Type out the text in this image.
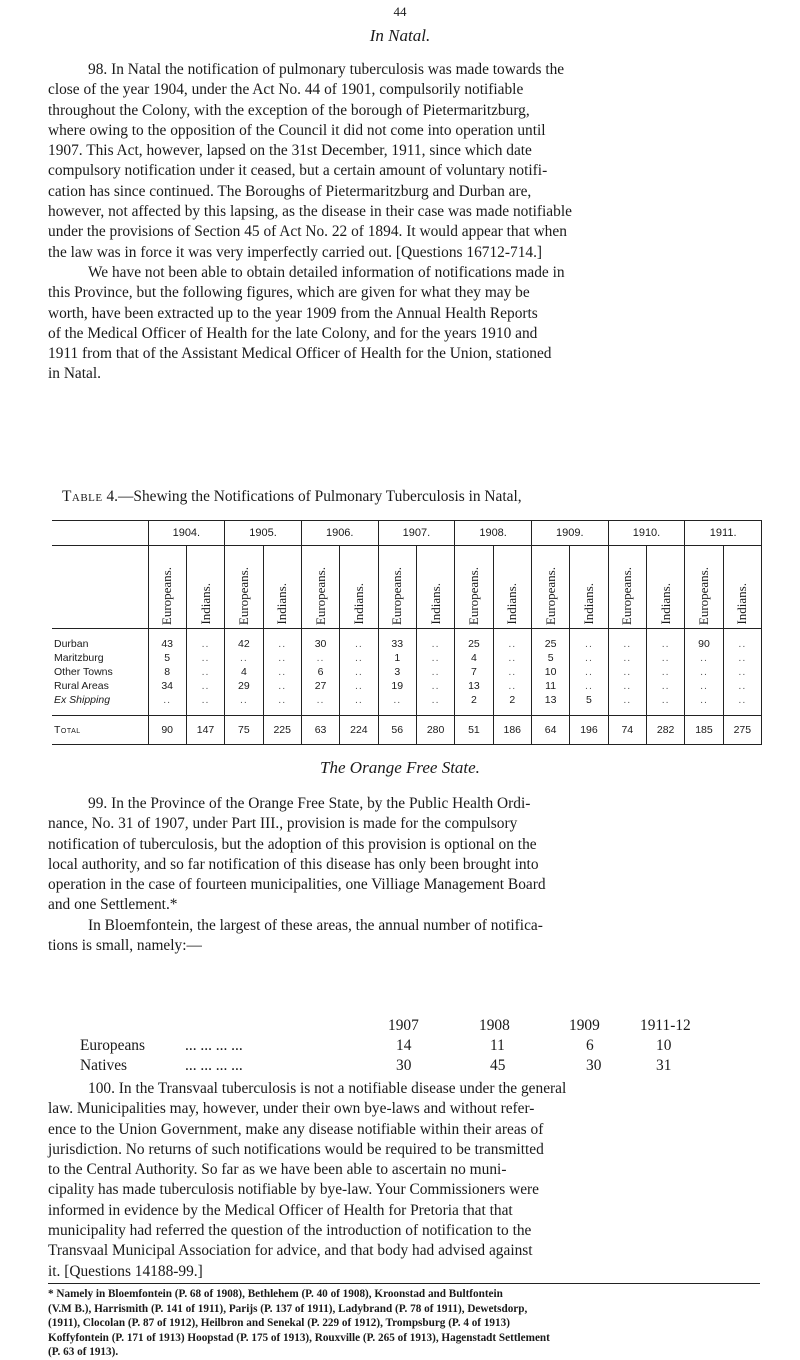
44
In Natal.
98. In Natal the notification of pulmonary tuberculosis was made towards the
close of the year 1904, under the Act No. 44 of 1901, compulsorily notifiable
throughout the Colony, with the exception of the borough of Pietermaritzburg,
where owing to the opposition of the Council it did not come into operation until
1907. This Act, however, lapsed on the 31st December, 1911, since which date
compulsory notification under it ceased, but a certain amount of voluntary notifi-
cation has since continued. The Boroughs of Pietermaritzburg and Durban are,
however, not affected by this lapsing, as the disease in their case was made notifiable
under the provisions of Section 45 of Act No. 22 of 1894. It would appear that when
the law was in force it was very imperfectly carried out. [Questions 16712-714.]
We have not been able to obtain detailed information of notifications made in
this Province, but the following figures, which are given for what they may be
worth, have been extracted up to the year 1909 from the Annual Health Reports
of the Medical Officer of Health for the late Colony, and for the years 1910 and
1911 from that of the Assistant Medical Officer of Health for the Union, stationed
in Natal.
Table 4.—Shewing the Notifications of Pulmonary Tuberculosis in Natal,
	1904.		1905.		1906.		1907.		1908.		1909.		1910.		1911.	
	Europeans.	Indians.	Europeans.	Indians.	Europeans.	Indians.	Europeans.	Indians.	Europeans.	Indians.	Europeans.	Indians.	Europeans.	Indians.	Europeans.	Indians.
Durban	43	..	42	..	30	..	33	..	25	..	25	..	..	..	90	..
Maritzburg	5	..	..	..	..	..	1	..	4	..	5	..	..	..	..	..
Other Towns	8	..	4	..	6	..	3	..	7	..	10	..	..	..	..	..
Rural Areas	34	..	29	..	27	..	19	..	13	..	11	..	..	..	..	..
Ex Shipping	..	..	..	..	..	..	..	..	2	2	13	5	..	..	..	..
Total	90	147	75	225	63	224	56	280	51	186	64	196	74	282	185	275
The Orange Free State.
99. In the Province of the Orange Free State, by the Public Health Ordi-
nance, No. 31 of 1907, under Part III., provision is made for the compulsory
notification of tuberculosis, but the adoption of this provision is optional on the
local authority, and so far notification of this disease has only been brought into
operation in the case of fourteen municipalities, one Villiage Management Board
and one Settlement.*
In Bloemfontein, the largest of these areas, the annual number of notifica-
tions is small, namely:—
1907	1908	1909	1911-12
Europeans	... ... ... ...	14	11	6	10
Natives	... ... ... ...	30	45	30	31
100. In the Transvaal tuberculosis is not a notifiable disease under the general
law. Municipalities may, however, under their own bye-laws and without refer-
ence to the Union Government, make any disease notifiable within their areas of
jurisdiction. No returns of such notifications would be required to be transmitted
to the Central Authority. So far as we have been able to ascertain no muni-
cipality has made tuberculosis notifiable by bye-law. Your Commissioners were
informed in evidence by the Medical Officer of Health for Pretoria that that
municipality had referred the question of the introduction of notification to the
Transvaal Municipal Association for advice, and that body had advised against
it. [Questions 14188-99.]
* Namely in Bloemfontein (P. 68 of 1908), Bethlehem (P. 40 of 1908), Kroonstad and Bultfontein
(V.M B.), Harrismith (P. 141 of 1911), Parijs (P. 137 of 1911), Ladybrand (P. 78 of 1911), Dewetsdorp,
(1911), Clocolan (P. 87 of 1912), Heilbron and Senekal (P. 229 of 1912), Trompsburg (P. 4 of 1913)
Koffyfontein (P. 171 of 1913) Hoopstad (P. 175 of 1913), Rouxville (P. 265 of 1913), Hagenstadt Settlement
(P. 63 of 1913).
